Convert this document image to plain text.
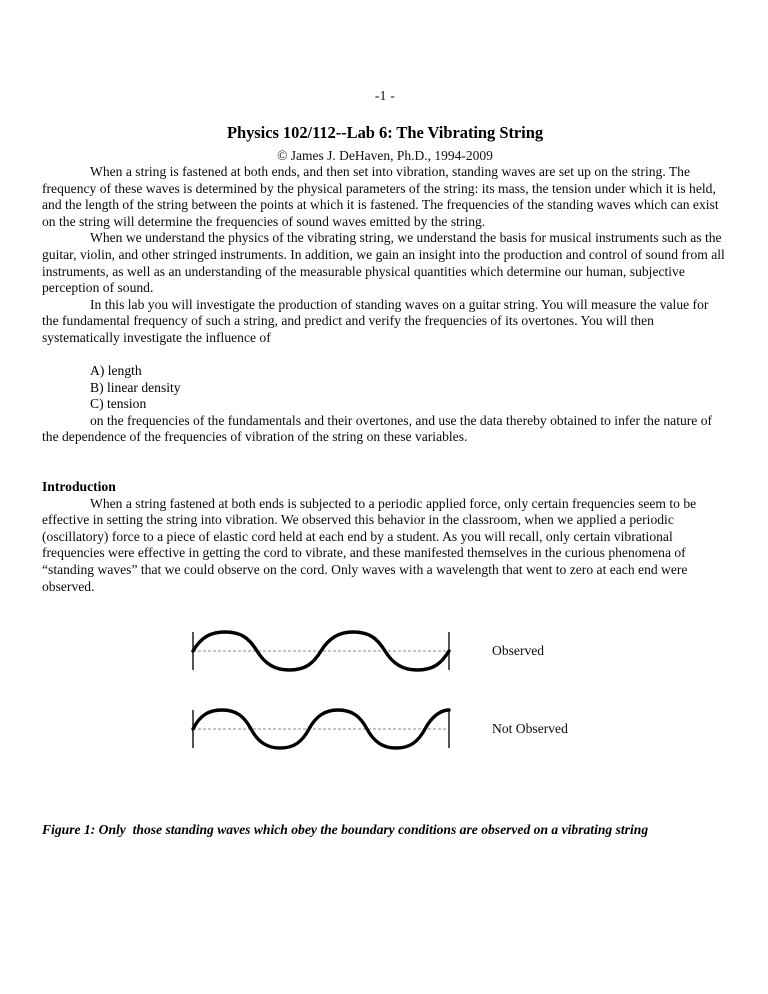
-1 -
Physics 102/112--Lab 6: The Vibrating String
© James J. DeHaven, Ph.D., 1994-2009

When a string is fastened at both ends, and then set into vibration, standing waves are set up on the string. The frequency of these waves is determined by the physical parameters of the string: its mass, the tension under which it is held, and the length of the string between the points at which it is fastened. The frequencies of the standing waves which can exist on the string will determine the frequencies of sound waves emitted by the string.

When we understand the physics of the vibrating string, we understand the basis for musical instruments such as the guitar, violin, and other stringed instruments. In addition, we gain an insight into the production and control of sound from all instruments, as well as an understanding of the measurable physical quantities which determine our human, subjective perception of sound.

In this lab you will investigate the production of standing waves on a guitar string. You will measure the value for the fundamental frequency of such a string, and predict and verify the frequencies of its overtones. You will then systematically investigate the influence of

A) length
B) linear density
C) tension

on the frequencies of the fundamentals and their overtones, and use the data thereby obtained to infer the nature of the dependence of the frequencies of vibration of the string on these variables.

Introduction

When a string fastened at both ends is subjected to a periodic applied force, only certain frequencies seem to be effective in setting the string into vibration. We observed this behavior in the classroom, when we applied a periodic (oscillatory) force to a piece of elastic cord held at each end by a student. As you will recall, only certain vibrational frequencies were effective in getting the cord to vibrate, and these manifested themselves in the curious phenomena of “standing waves” that we could observe on the cord. Only waves with a wavelength that went to zero at each end were observed.

Observed
Not Observed
Figure 1: Only  those standing waves which obey the boundary conditions are observed on a vibrating string
